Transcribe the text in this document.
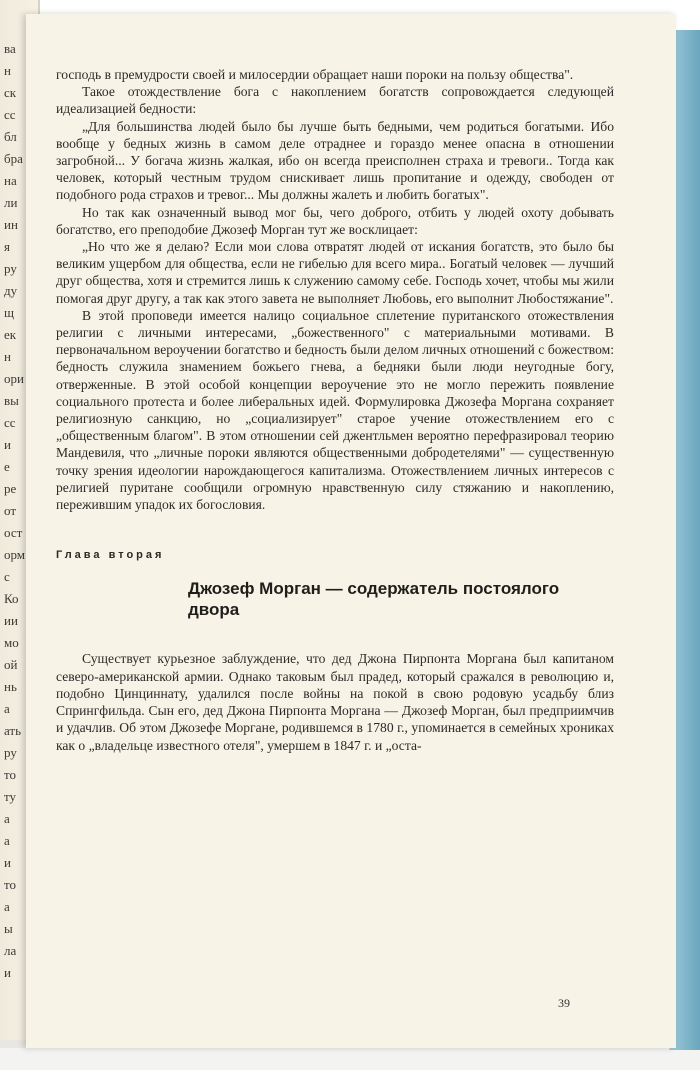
ва
н
ск
сс
бл
бра
на
ли
ин
я
ру
ду
щ
ек
н
ори
вы
сс
и
е
ре
от
ост
орм
с
Ко
ии
мо
ой
нь
а
ать
ру
то
ту
а
а
и
то
а
ы
ла
и

господь в премудрости своей и милосердии обращает наши пороки на пользу общества".

Такое отождествление бога с накоплением богатств сопровождается следующей идеализацией бедности:

„Для большинства людей было бы лучше быть бедными, чем родиться богатыми. Ибо вообще у бедных жизнь в самом деле отраднее и гораздо менее опасна в отношении загробной... У богача жизнь жалкая, ибо он всегда преисполнен страха и тревоги.. Тогда как человек, который честным трудом снискивает лишь пропитание и одежду, свободен от подобного рода страхов и тревог... Мы должны жалеть и любить богатых".

Но так как означенный вывод мог бы, чего доброго, отбить у людей охоту добывать богатство, его преподобие Джозеф Морган тут же восклицает:

„Но что же я делаю? Если мои слова отвратят людей от искания богатств, это было бы великим ущербом для общества, если не гибелью для всего мира.. Богатый человек — лучший друг общества, хотя и стремится лишь к служению самому себе. Господь хочет, чтобы мы жили помогая друг другу, а так как этого завета не выполняет Любовь, его выполнит Любостяжание".

В этой проповеди имеется налицо социальное сплетение пуританского отожествления религии с личными интересами, „божественного" с материальными мотивами. В первоначальном вероучении богатство и бедность были делом личных отношений с божеством: бедность служила знамением божьего гнева, а бедняки были люди неугодные богу, отверженные. В этой особой концепции вероучение это не могло пережить появление социального протеста и более либеральных идей. Формулировка Джозефа Моргана сохраняет религиозную санкцию, но „социализирует" старое учение отожествлением его с „общественным благом". В этом отношении сей джентльмен вероятно перефразировал теорию Мандевиля, что „личные пороки являются общественными добродетелями" — существенную точку зрения идеологии нарождающегося капитализма. Отожествлением личных интересов с религией пуритане сообщили огромную нравственную силу стяжанию и накоплению, пережившим упадок их богословия.

Глава вторая
Джозеф Морган — содержатель постоялого двора

Существует курьезное заблуждение, что дед Джона Пирпонта Моргана был капитаном северо-американской армии. Однако таковым был прадед, который сражался в революцию и, подобно Цинциннату, удалился после войны на покой в свою родовую усадьбу близ Спрингфильда. Сын его, дед Джона Пирпонта Моргана — Джозеф Морган, был предприимчив и удачлив. Об этом Джозефе Моргане, родившемся в 1780 г., упоминается в семейных хрониках как о „владельце известного отеля", умершем в 1847 г. и „оста-

39
